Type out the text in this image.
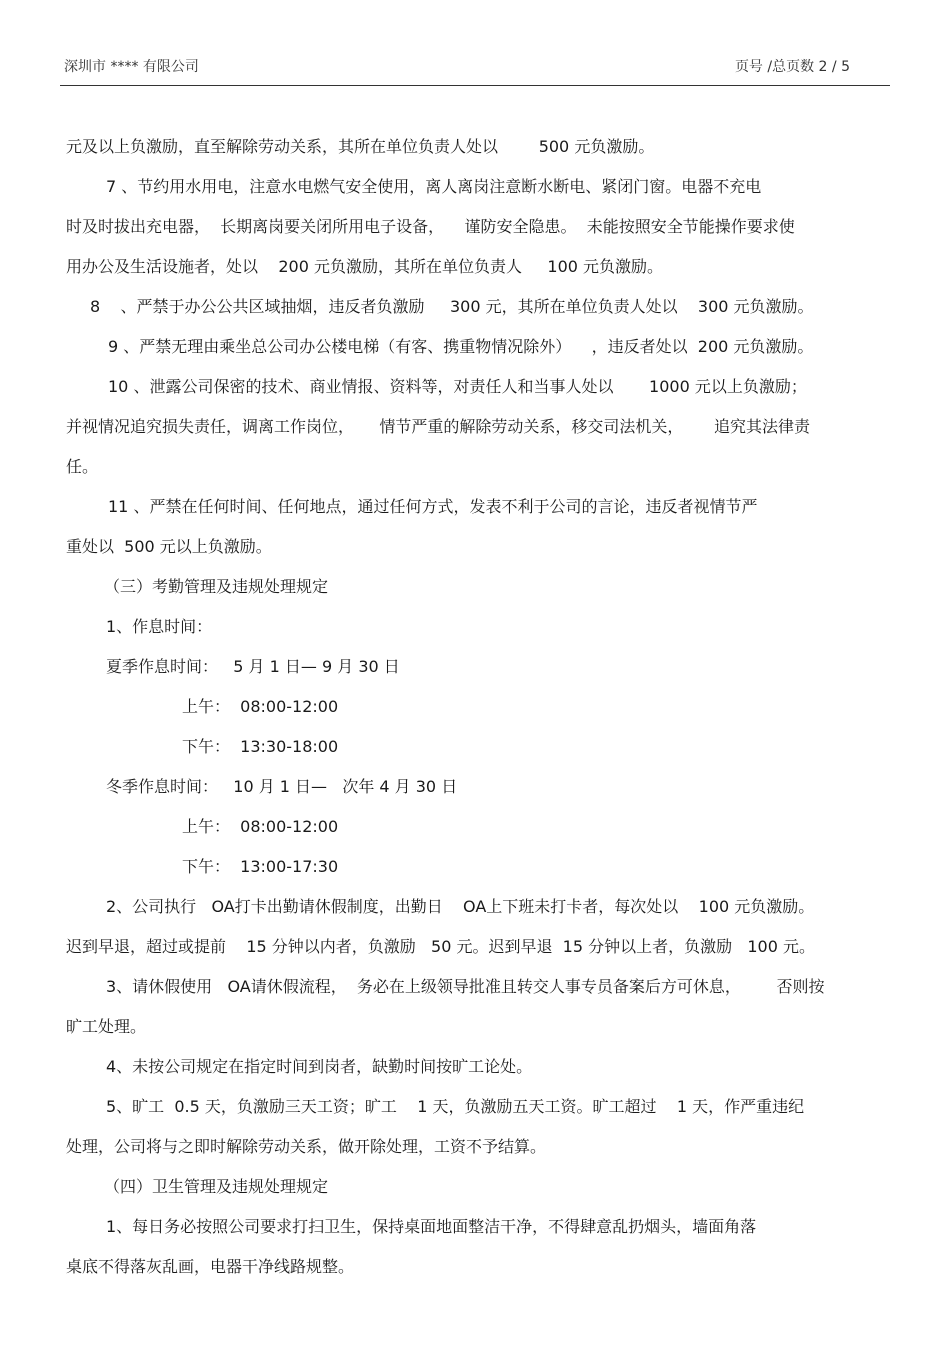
深圳市 **** 有限公司	页号 /总页数 2 / 5
元及以上负激励，直至解除劳动关系，其所在单位负责人处以        500 元负激励。
7 、节约用水用电，注意水电燃气安全使用，离人离岗注意断水断电、紧闭门窗。电器不充电
时及时拔出充电器，  长期离岗要关闭所用电子设备，    谨防安全隐患。  未能按照安全节能操作要求使
用办公及生活设施者，处以    200 元负激励，其所在单位负责人     100 元负激励。
8    、严禁于办公公共区域抽烟，违反者负激励     300 元，其所在单位负责人处以    300 元负激励。
9 、严禁无理由乘坐总公司办公楼电梯（有客、携重物情况除外）    ，违反者处以  200 元负激励。
10 、泄露公司保密的技术、商业情报、资料等，对责任人和当事人处以       1000 元以上负激励；
并视情况追究损失责任，调离工作岗位，     情节严重的解除劳动关系，移交司法机关，      追究其法律责
任。
11 、严禁在任何时间、任何地点，通过任何方式，发表不利于公司的言论，违反者视情节严
重处以  500 元以上负激励。
（三）考勤管理及违规处理规定
1、作息时间：
夏季作息时间：   5 月 1 日— 9 月 30 日
上午：  08:00-12:00
下午：  13:30-18:00
冬季作息时间：   10 月 1 日—   次年 4 月 30 日
上午：  08:00-12:00
下午：  13:00-17:30
2、公司执行   OA打卡出勤请休假制度，出勤日    OA上下班未打卡者，每次处以    100 元负激励。
迟到早退，超过或提前    15 分钟以内者，负激励   50 元。迟到早退  15 分钟以上者，负激励   100 元。
3、请休假使用   OA请休假流程，  务必在上级领导批准且转交人事专员备案后方可休息，       否则按
旷工处理。
4、未按公司规定在指定时间到岗者，缺勤时间按旷工论处。
5、旷工  0.5 天，负激励三天工资；旷工    1 天，负激励五天工资。旷工超过    1 天，作严重违纪
处理，公司将与之即时解除劳动关系，做开除处理，工资不予结算。
（四）卫生管理及违规处理规定
1、每日务必按照公司要求打扫卫生，保持桌面地面整洁干净，不得肆意乱扔烟头，墙面角落
桌底不得落灰乱画，电器干净线路规整。
